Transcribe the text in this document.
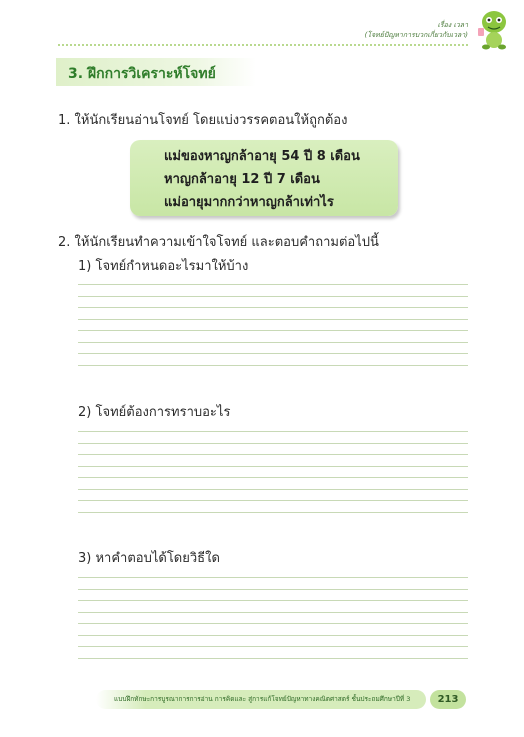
เรื่อง เวลา
(โจทย์ปัญหาการบวกเกี่ยวกับเวลา)
3. ฝึกการวิเคราะห์โจทย์
1. ให้นักเรียนอ่านโจทย์ โดยแบ่งวรรคตอนให้ถูกต้อง
แม่ของหาญกล้าอายุ 54 ปี 8 เดือน
หาญกล้าอายุ 12 ปี 7 เดือน
แม่อายุมากกว่าหาญกล้าเท่าไร
2. ให้นักเรียนทำความเข้าใจโจทย์ และตอบคำถามต่อไปนี้
1) โจทย์กำหนดอะไรมาให้บ้าง
2) โจทย์ต้องการทราบอะไร
3) หาคำตอบได้โดยวิธีใด
แบบฝึกทักษะการบูรณาการการอ่าน การคิดและ สู่การแก้โจทย์ปัญหาทางคณิตศาสตร์ ชั้นประถมศึกษาปีที่ 3	213
